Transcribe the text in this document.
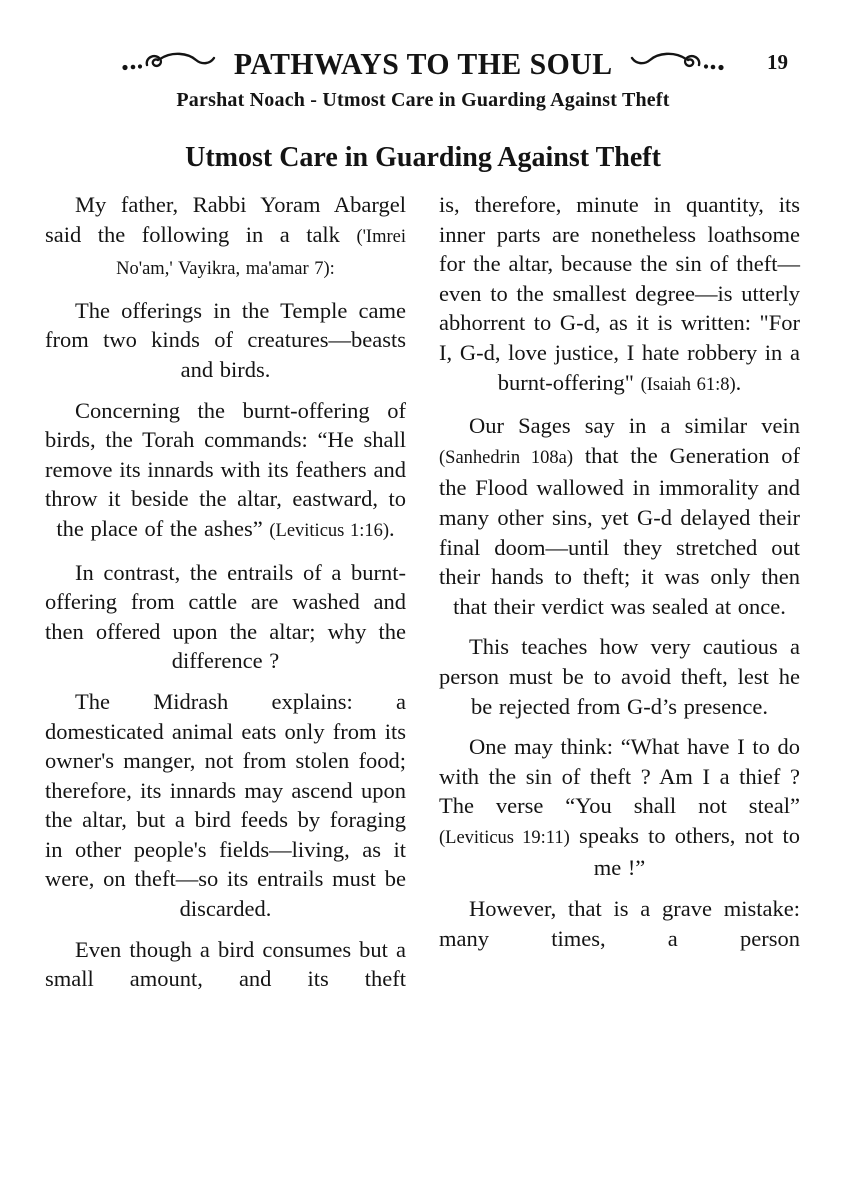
PATHWAYS TO THE SOUL	19
Parshat Noach - Utmost Care in Guarding Against Theft
Utmost Care in Guarding Against Theft

My father, Rabbi Yoram Abargel said the following in a talk ('Imrei No'am,' Vayikra, ma'amar 7):

The offerings in the Temple came from two kinds of creatures—beasts and birds.

Concerning the burnt-offering of birds, the Torah commands: “He shall remove its innards with its feathers and throw it beside the altar, eastward, to the place of the ashes” (Leviticus 1:16).

In contrast, the entrails of a burnt-offering from cattle are washed and then offered upon the altar; why the difference ?

The Midrash explains: a domesticated animal eats only from its owner's manger, not from stolen food; therefore, its innards may ascend upon the altar, but a bird feeds by foraging in other people's fields—living, as it were, on theft—so its entrails must be discarded.

Even though a bird consumes but a small amount, and its theft

is, therefore, minute in quantity, its inner parts are nonetheless loathsome for the altar, because the sin of theft—even to the smallest degree—is utterly abhorrent to G-d, as it is written: "For I, G-d, love justice, I hate robbery in a burnt-offering" (Isaiah 61:8).

Our Sages say in a similar vein (Sanhedrin 108a) that the Generation of the Flood wallowed in immorality and many other sins, yet G-d delayed their final doom—until they stretched out their hands to theft; it was only then that their verdict was sealed at once.

This teaches how very cautious a person must be to avoid theft, lest he be rejected from G-d’s presence.

One may think: “What have I to do with the sin of theft ? Am I a thief ? The verse “You shall not steal” (Leviticus 19:11) speaks to others, not to me !”

However, that is a grave mistake: many times, a person
